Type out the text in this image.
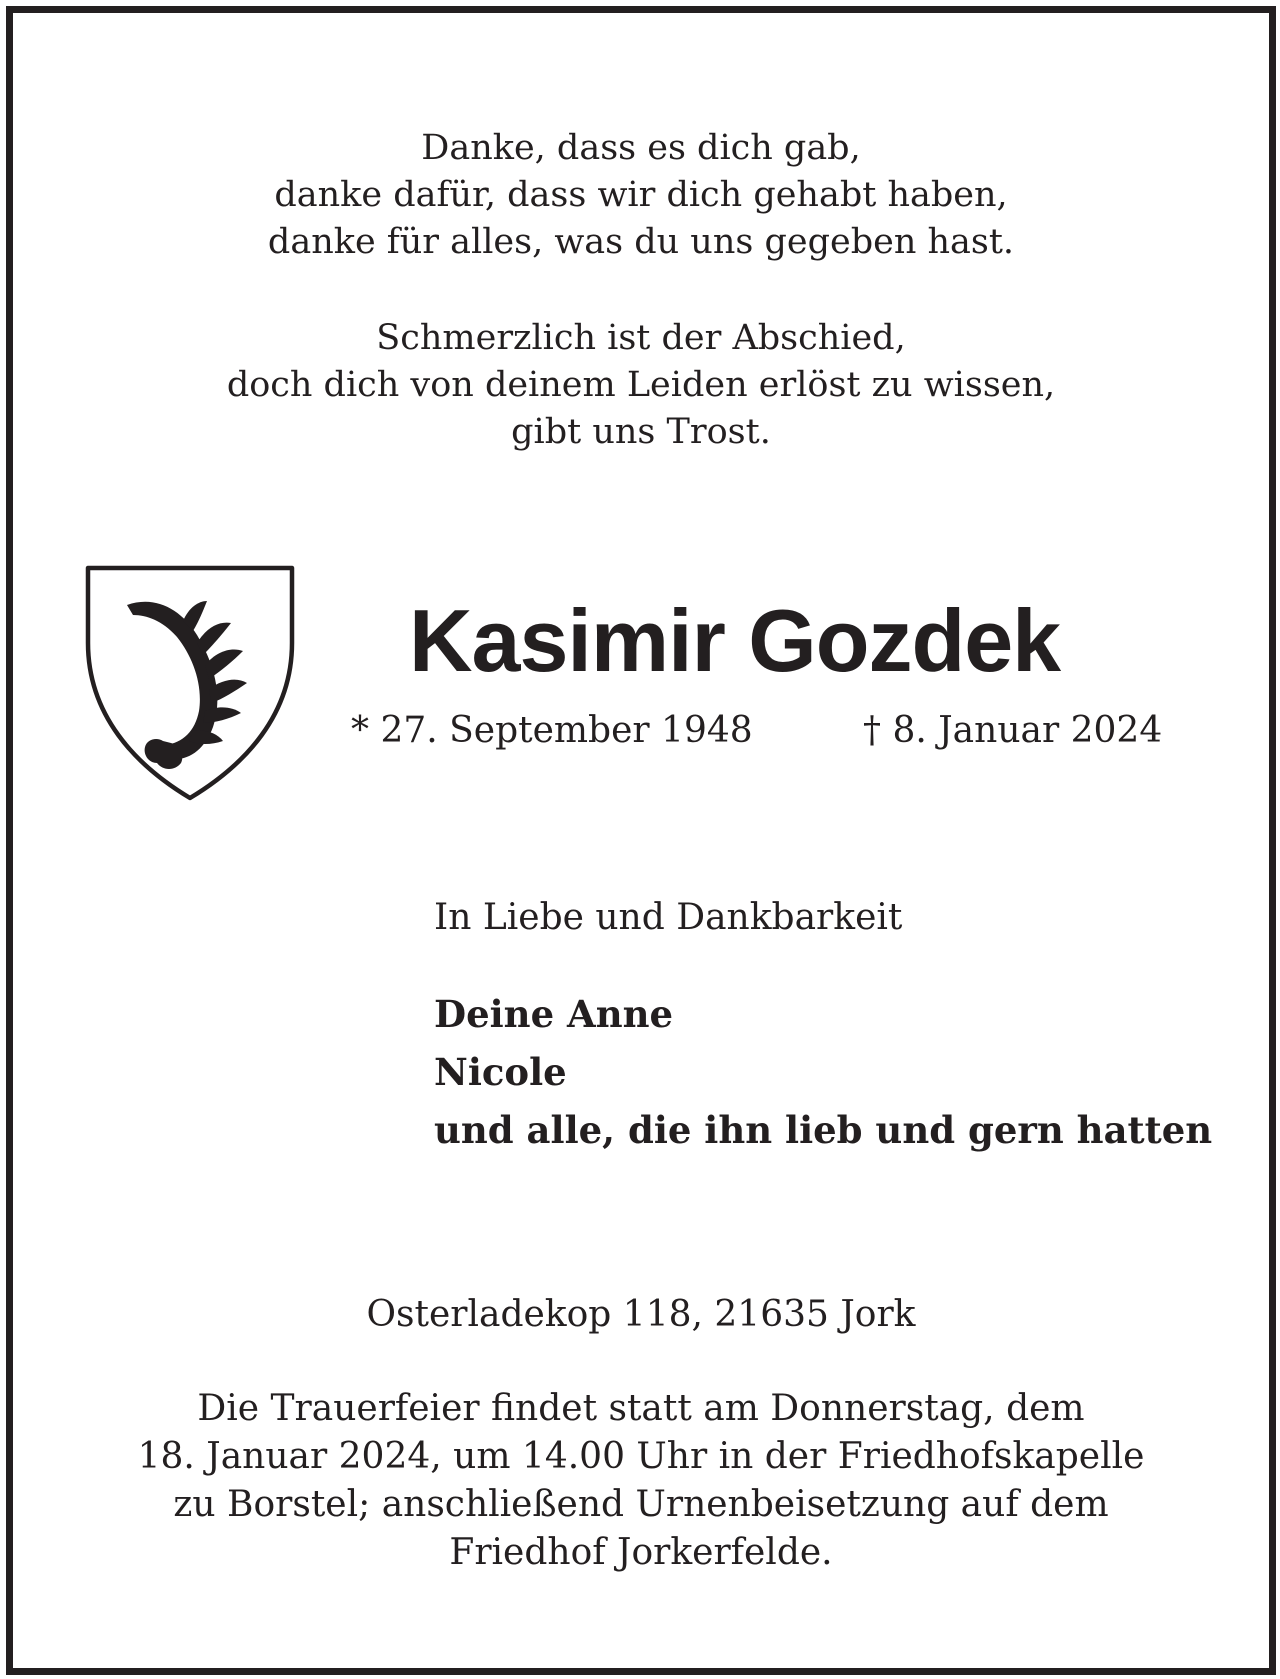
Danke, dass es dich gab,
danke dafür, dass wir dich gehabt haben,
danke für alles, was du uns gegeben hast.
Schmerzlich ist der Abschied,
doch dich von deinem Leiden erlöst zu wissen,
gibt uns Trost.
Kasimir Gozdek
* 27. September 1948	† 8. Januar 2024
In Liebe und Dankbarkeit
Deine Anne
Nicole
und alle, die ihn lieb und gern hatten
Osterladekop 118, 21635 Jork
Die Trauerfeier findet statt am Donnerstag, dem
18. Januar 2024, um 14.00 Uhr in der Friedhofskapelle
zu Borstel; anschließend Urnenbeisetzung auf dem
Friedhof Jorkerfelde.
